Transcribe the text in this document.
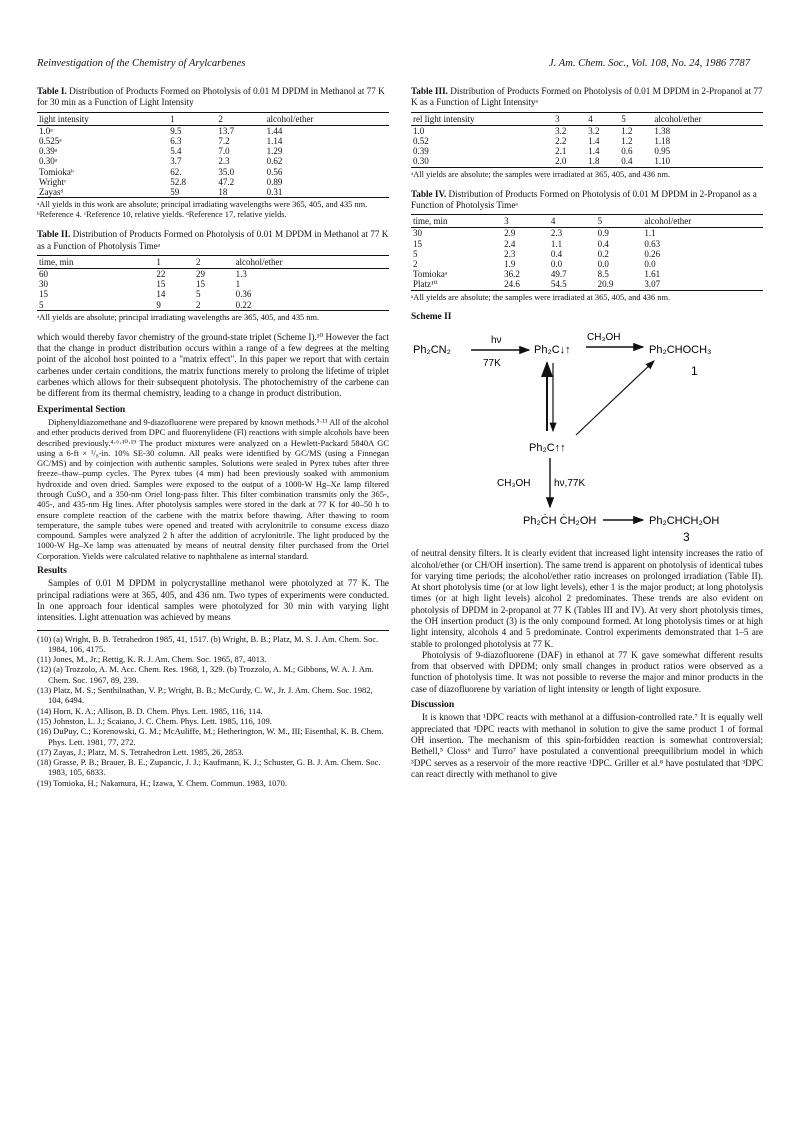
Reinvestigation of the Chemistry of Arylcarbenes	J. Am. Chem. Soc., Vol. 108, No. 24, 1986 7787
Table I. Distribution of Products Formed on Photolysis of 0.01 M DPDM in Methanol at 77 K for 30 min as a Function of Light Intensity
light intensity	1	2	alcohol/ether
1.0ᵃ	9.5	13.7	1.44
0.525ᵃ	6.3	7.2	1.14
0.39ᵃ	5.4	7.0	1.29
0.30ᵃ	3.7	2.3	0.62
Tomiokaᵇ	62.	35.0	0.56
Wrightᶜ	52.8	47.2	0.89
Zayasᵈ	59	18	0.31
ᵃAll yields in this work are absolute; principal irradiating wavelengths were 365, 405, and 435 nm. ᵇReference 4. ᶜReference 10, relative yields. ᵈReference 17, relative yields.
Table II. Distribution of Products Formed on Photolysis of 0.01 M DPDM in Methanol at 77 K as a Function of Photolysis Timeᵃ
time, min	1	2	alcohol/ether
60	22	29	1.3
30	15	15	1
15	14	5	0.36
5	9	2	0.22
ᵃAll yields are absolute; principal irradiating wavelengths are 365, 405, and 435 nm.

which would thereby favor chemistry of the ground-state triplet (Scheme I).¹⁰ However the fact that the change in product distribution occurs within a range of a few degrees at the melting point of the alcohol host pointed to a "matrix effect". In this paper we report that with certain carbenes under certain conditions, the matrix functions merely to prolong the lifetime of triplet carbenes which allows for their subsequent photolysis. The photochemistry of the carbene can be different from its thermal chemistry, leading to a change in product distribution.

Experimental Section

Diphenyldiazomethane and 9-diazofluorene were prepared by known methods.⁵·¹¹ All of the alcohol and ether products derived from DPC and fluorenylidene (Fl) reactions with simple alcohols have been described previously.⁴·⁶·¹⁰·¹⁹ The product mixtures were analyzed on a Hewlett-Packard 5840A GC using a 6-ft × ¹/₈-in. 10% SE-30 column. All peaks were identified by GC/MS (using a Finnegan GC/MS) and by coinjection with authentic samples. Solutions were sealed in Pyrex tubes after three freeze–thaw–pump cycles. The Pyrex tubes (4 mm) had been previously soaked with ammonium hydroxide and oven dried. Samples were exposed to the output of a 1000-W Hg–Xe lamp filtered through CuSO₄ and a 350-nm Oriel long-pass filter. This filter combination transmits only the 365-, 405-, and 435-nm Hg lines. After photolysis samples were stored in the dark at 77 K for 40–50 h to ensure complete reaction of the carbene with the matrix before thawing. After thawing to room temperature, the sample tubes were opened and treated with acrylonitrile to consume excess diazo compound. Samples were analyzed 2 h after the addition of acrylonitrile. The light produced by the 1000-W Hg–Xe lamp was attenuated by means of neutral density filter purchased from the Oriel Corporation. Yields were calculated relative to naphthalene as internal standard.

Results

Samples of 0.01 M DPDM in polycrystalline methanol were photolyzed at 77 K. The principal radiations were at 365, 405, and 436 nm. Two types of experiments were conducted. In one approach four identical samples were photolyzed for 30 min with varying light intensities. Light attenuation was achieved by means

(10) (a) Wright, B. B. Tetrahedron 1985, 41, 1517. (b) Wright, B. B.; Platz, M. S. J. Am. Chem. Soc. 1984, 106, 4175.

(11) Jones, M., Jr.; Rettig, K. R. J. Am. Chem. Soc. 1965, 87, 4013.

(12) (a) Trozzolo, A. M. Acc. Chem. Res. 1968, 1, 329. (b) Trozzolo, A. M.; Gibbons, W. A. J. Am. Chem. Soc. 1967, 89, 239.

(13) Platz, M. S.; Senthilnathan, V. P.; Wright, B. B.; McCurdy, C. W., Jr. J. Am. Chem. Soc. 1982, 104, 6494.

(14) Horn, K. A.; Allison, B. D. Chem. Phys. Lett. 1985, 116, 114.

(15) Johnston, L. J.; Scaiano, J. C. Chem. Phys. Lett. 1985, 116, 109.

(16) DuPuy, C.; Korenowski, G. M.; McAuliffe, M.; Hetherington, W. M., III; Eisenthal, K. B. Chem. Phys. Lett. 1981, 77, 272.

(17) Zayas, J.; Platz, M. S. Tetrahedron Lett. 1985, 26, 2853.

(18) Grasse, P. B.; Brauer, B. E.; Zupancic, J. J.; Kaufmann, K. J.; Schuster, G. B. J. Am. Chem. Soc. 1983, 105, 6833.

(19) Tomioka, H.; Nakamura, H.; Izawa, Y. Chem. Commun. 1983, 1070.

Table III. Distribution of Products Formed on Photolysis of 0.01 M DPDM in 2-Propanol at 77 K as a Function of Light Intensityᵃ
rel light intensity	3	4	5	alcohol/ether
1.0	3.2	3.2	1.2	1.38
0.52	2.2	1.4	1.2	1.18
0.39	2.1	1.4	0.6	0.95
0.30	2.0	1.8	0.4	1.10
ᵃAll yields are absolute; the samples were irradiated at 365, 405, and 436 nm.
Table IV. Distribution of Products Formed on Photolysis of 0.01 M DPDM in 2-Propanol as a Function of Photolysis Timeᵃ
time, min	3	4	5	alcohol/ether
30	2.9	2.3	0.9	1.1
15	2.4	1.1	0.4	0.63
5	2.3	0.4	0.2	0.26
2	1.9	0.0	0.0	0.0
Tomiokaᵃ	36.2	49.7	8.5	1.61
Platz¹⁰	24.6	54.5	20.9	3.07
ᵃAll yields are absolute; the samples were irradiated at 365, 405, and 436 nm.
Scheme II
Ph₂CN₂
hν
77K
Ph₂C↓↑
CH₃OH
Ph₂CHOCH₃
1
Ph₂C↑↑
CH₃OH hν,77K
Ph₂ĊH ĊH₂OH	Ph₂CHCH₂OH
3

of neutral density filters. It is clearly evident that increased light intensity increases the ratio of alcohol/ether (or CH/OH insertion). The same trend is apparent on photolysis of identical tubes for varying time periods; the alcohol/ether ratio increases on prolonged irradiation (Table II). At short photolysis time (or at low light levels), ether 1 is the major product; at long photolysis times (or at high light levels) alcohol 2 predominates. These trends are also evident on photolysis of DPDM in 2-propanol at 77 K (Tables III and IV). At very short photolysis times, the OH insertion product (3) is the only compound formed. At long photolysis times or at high light intensity, alcohols 4 and 5 predominate. Control experiments demonstrated that 1–5 are stable to prolonged photolysis at 77 K.

Photolysis of 9-diazofluorene (DAF) in ethanol at 77 K gave somewhat different results from that observed with DPDM; only small changes in product ratios were observed as a function of photolysis time. It was not possible to reverse the major and minor products in the case of diazofluorene by variation of light intensity or length of light exposure.

Discussion

It is known that ¹DPC reacts with methanol at a diffusion-controlled rate.⁷ It is equally well appreciated that ³DPC reacts with methanol in solution to give the same product 1 of formal OH insertion. The mechanism of this spin-forbidden reaction is somewhat controversial; Bethell,⁵ Closs⁶ and Turro⁷ have postulated a conventional preequilibrium model in which ³DPC serves as a reservoir of the more reactive ¹DPC. Griller et al.⁸ have postulated that ³DPC can react directly with methanol to give
